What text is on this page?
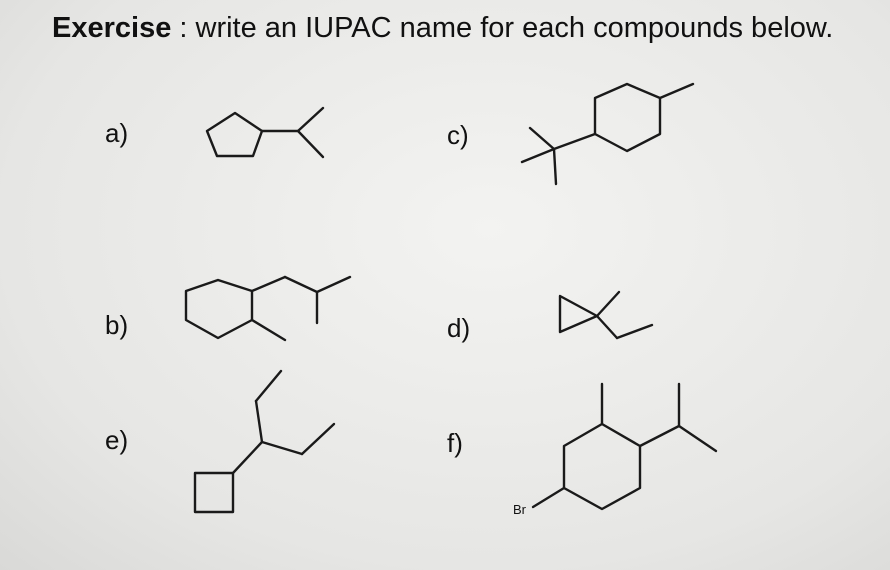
Exercise : write an IUPAC name for each compounds below.
a)
b)
e)
c)
d)
f)
Br
